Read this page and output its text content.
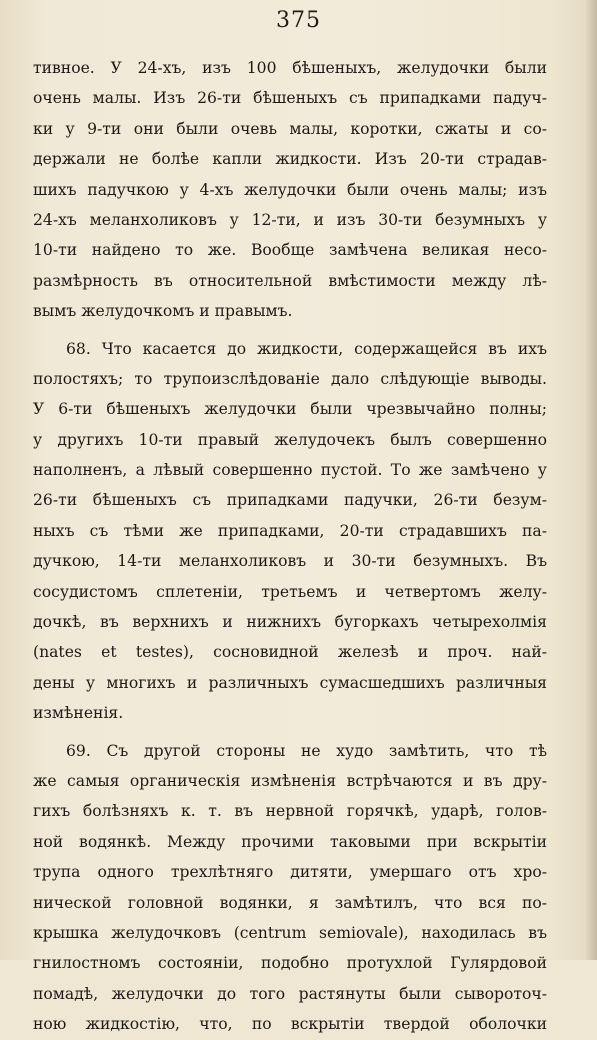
375
тивное. У 24-хъ, изъ 100 бѣшеныхъ, желудочки были
очень малы. Изъ 26-ти бѣшеныхъ съ припадками падуч-
ки у 9-ти они были очевь малы, коротки, сжаты и со-
держали не болѣе капли жидкости. Изъ 20-ти страдав-
шихъ падучкою у 4-хъ желудочки были очень малы; изъ
24-хъ меланхоликовъ у 12-ти, и изъ 30-ти безумныхъ у
10-ти найдено то же. Вообще замѣчена великая несо-
размѣрность въ относительной вмѣстимости между лѣ-
вымъ желудочкомъ и правымъ.
68. Что касается до жидкости, содержащейся въ ихъ
полостяхъ; то трупоизслѣдованіе дало слѣдующіе выводы.
У 6-ти бѣшеныхъ желудочки были чрезвычайно полны;
у другихъ 10-ти правый желудочекъ былъ совершенно
наполненъ, а лѣвый совершенно пустой. То же замѣчено у
26-ти бѣшеныхъ съ припадками падучки, 26-ти безум-
ныхъ съ тѣми же припадками, 20-ти страдавшихъ па-
дучкою, 14-ти меланхоликовъ и 30-ти безумныхъ. Въ
сосудистомъ сплетеніи, третьемъ и четвертомъ желу-
дочкѣ, въ верхнихъ и нижнихъ бугоркахъ четырехолмія
(nates et testes), сосновидной железѣ и проч. най-
дены у многихъ и различныхъ сумасшедшихъ различныя
измѣненія.
69. Съ другой стороны не худо замѣтить, что тѣ
же самыя органическія измѣненія встрѣчаются и въ дру-
гихъ болѣзняхъ к. т. въ нервной горячкѣ, ударѣ, голов-
ной водянкѣ. Между прочими таковыми при вскрытіи
трупа одного трехлѣтняго дитяти, умершаго отъ хро-
нической головной водянки, я замѣтилъ, что вся по-
крышка желудочковъ (centrum semiovale), находилась въ
гнилостномъ состояніи, подобно протухлой Гулярдовой
помадѣ, желудочки до того растянуты были сывороточ-
ною жидкостію, что, по вскрытіи твердой оболочки
